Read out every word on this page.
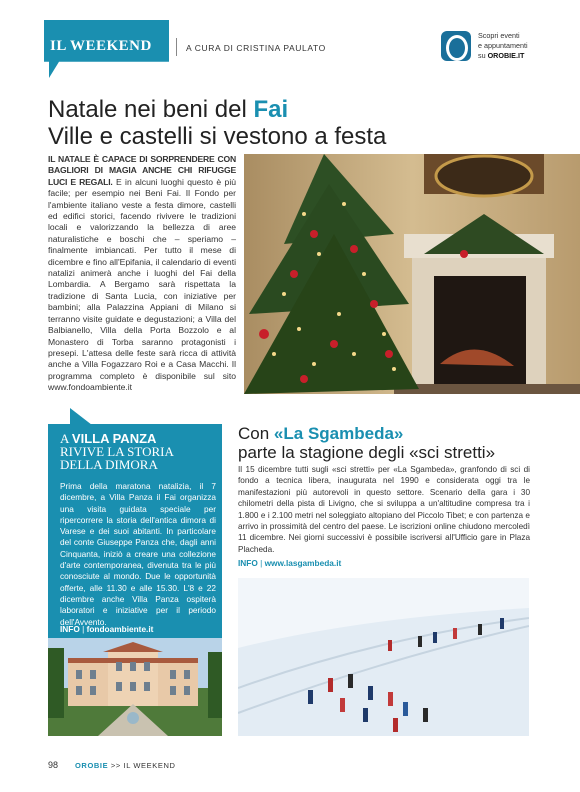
IL WEEKEND	A CURA DI CRISTINA PAULATO
Scopri eventi
e appuntamenti
su OROBIE.IT
Natale nei beni del Fai
Ville e castelli si vestono a festa
IL NATALE È CAPACE DI SORPRENDERE CON BAGLIORI DI MAGIA ANCHE CHI RIFUGGE LUCI E REGALI. E in alcuni luoghi questo è più facile; per esempio nei Beni Fai. Il Fondo per l'ambiente italiano veste a festa dimore, castelli ed edifici storici, facendo rivivere le tradizioni locali e valorizzando la bellezza di aree naturalistiche e boschi che – speriamo – finalmente imbiancati. Per tutto il mese di dicembre e fino all'Epifania, il calendario di eventi natalizi animerà anche i luoghi del Fai della Lombardia. A Bergamo sarà rispettata la tradizione di Santa Lucia, con iniziative per bambini; alla Palazzina Appiani di Milano si terranno visite guidate e degustazioni; a Villa del Balbianello, Villa della Porta Bozzolo e al Monastero di Torba saranno protagonisti i presepi. L'attesa delle feste sarà ricca di attività anche a Villa Fogazzaro Roi e a Casa Macchi. Il programma completo è disponibile sul sito www.fondoambiente.it
A VILLA PANZA
RIVIVE LA STORIA
DELLA DIMORA
Prima della maratona natalizia, il 7 dicembre, a Villa Panza il Fai organizza una visita guidata speciale per ripercorrere la storia dell'antica dimora di Varese e dei suoi abitanti. In particolare del conte Giuseppe Panza che, dagli anni Cinquanta, iniziò a creare una collezione d'arte contemporanea, divenuta tra le più conosciute al mondo. Due le opportunità offerte, alle 11.30 e alle 15.30. L'8 e 22 dicembre anche Villa Panza ospiterà laboratori e iniziative per il periodo dell'Avvento.
INFO | fondoambiente.it
Con «La Sgambeda»
parte la stagione degli «sci stretti»
Il 15 dicembre tutti sugli «sci stretti» per «La Sgambeda», granfondo di sci di fondo a tecnica libera, inaugurata nel 1990 e considerata oggi tra le manifestazioni più autorevoli in questo settore. Scenario della gara i 30 chilometri della pista di Livigno, che si sviluppa a un'altitudine compresa tra i 1.800 e i 2.100 metri nel soleggiato altopiano del Piccolo Tibet; e con partenza e arrivo in prossimità del centro del paese. Le iscrizioni online chiudono mercoledì 11 dicembre. Nei giorni successivi è possibile iscriversi all'Ufficio gare in Plaza Placheda.
INFO | www.lasgambeda.it
98 OROBIE >> IL WEEKEND
